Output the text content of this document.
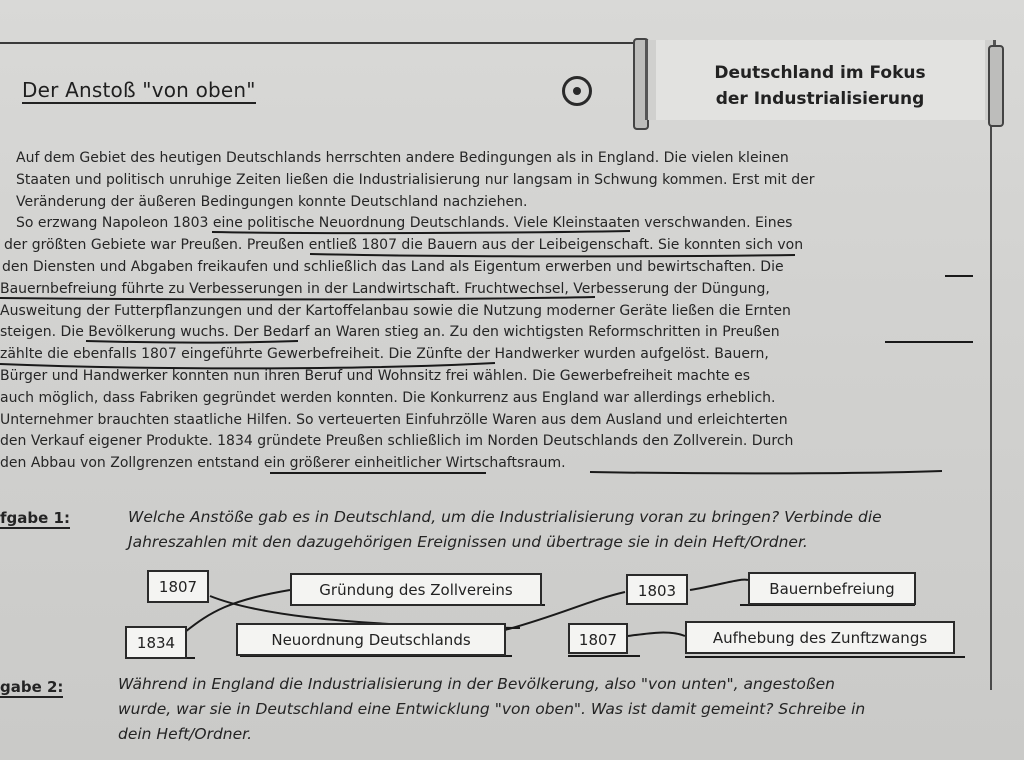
Der Anstoß "von oben"
Deutschland im Fokus
der Industrialisierung

Auf dem Gebiet des heutigen Deutschlands herrschten andere Bedingungen als in England. Die vielen kleinen

Staaten und politisch unruhige Zeiten ließen die Industrialisierung nur langsam in Schwung kommen. Erst mit der

Veränderung der äußeren Bedingungen konnte Deutschland nachziehen.

So erzwang Napoleon 1803 eine politische Neuordnung Deutschlands. Viele Kleinstaaten verschwanden. Eines

der größten Gebiete war Preußen. Preußen entließ 1807 die Bauern aus der Leibeigenschaft. Sie konnten sich von

den Diensten und Abgaben freikaufen und schließlich das Land als Eigentum erwerben und bewirtschaften. Die

Bauernbefreiung führte zu Verbesserungen in der Landwirtschaft. Fruchtwechsel, Verbesserung der Düngung,

Ausweitung der Futterpflanzungen und der Kartoffelanbau sowie die Nutzung moderner Geräte ließen die Ernten

steigen. Die Bevölkerung wuchs. Der Bedarf an Waren stieg an. Zu den wichtigsten Reformschritten in Preußen

zählte die ebenfalls 1807 eingeführte Gewerbefreiheit. Die Zünfte der Handwerker wurden aufgelöst. Bauern,

Bürger und Handwerker konnten nun ihren Beruf und Wohnsitz frei wählen. Die Gewerbefreiheit machte es

auch möglich, dass Fabriken gegründet werden konnten. Die Konkurrenz aus England war allerdings erheblich.

Unternehmer brauchten staatliche Hilfen. So verteuerten Einfuhrzölle Waren aus dem Ausland und erleichterten

den Verkauf eigener Produkte. 1834 gründete Preußen schließlich im Norden Deutschlands den Zollverein. Durch

den Abbau von Zollgrenzen entstand ein größerer einheitlicher Wirtschaftsraum.

fgabe 1:	Welche Anstöße gab es in Deutschland, um die Industrialisierung voran zu bringen? Verbinde die
Jahreszahlen mit den dazugehörigen Ereignissen und übertrage sie in dein Heft/Ordner.
1807	Gründung des Zollvereins	1803	Bauernbefreiung
1834	Neuordnung Deutschlands	1807	Aufhebung des Zunftzwangs
gabe 2:	Während in England die Industrialisierung in der Bevölkerung, also "von unten", angestoßen
wurde, war sie in Deutschland eine Entwicklung "von oben". Was ist damit gemeint? Schreibe in
dein Heft/Ordner.
